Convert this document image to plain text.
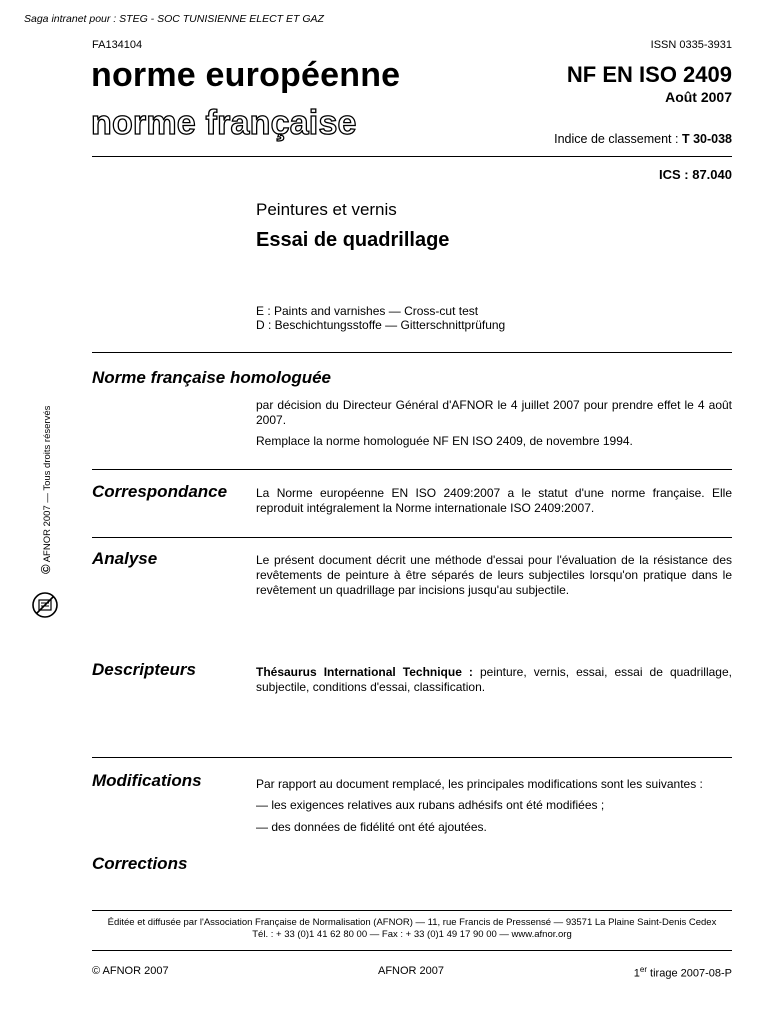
Saga intranet pour : STEG - SOC TUNISIENNE ELECT ET GAZ
FA134104	ISSN 0335-3931
norme européenne
norme française
NF EN ISO 2409
Août 2007
Indice de classement : T 30-038
ICS : 87.040
Peintures et vernis
Essai de quadrillage
E : Paints and varnishes — Cross-cut test
D : Beschichtungsstoffe — Gitterschnittprüfung
© AFNOR 2007 — Tous droits réservés
Norme française homologuée

par décision du Directeur Général d'AFNOR le 4 juillet 2007 pour prendre effet le 4 août 2007.

Remplace la norme homologuée NF EN ISO 2409, de novembre 1994.

Correspondance La Norme européenne EN ISO 2409:2007 a le statut d'une norme française. Elle reproduit intégralement la Norme internationale ISO 2409:2007.
Analyse	Le présent document décrit une méthode d'essai pour l'évaluation de la résistance des revêtements de peinture à être séparés de leurs subjectiles lorsqu'on pratique dans le revêtement un quadrillage par incisions jusqu'au subjectile.
Descripteurs	Thésaurus International Technique : peinture, vernis, essai, essai de quadrillage, subjectile, conditions d'essai, classification.
Modifications	Par rapport au document remplacé, les principales modifications sont les suivantes :
— les exigences relatives aux rubans adhésifs ont été modifiées ;
— des données de fidélité ont été ajoutées.
Corrections
Éditée et diffusée par l'Association Française de Normalisation (AFNOR) — 11, rue Francis de Pressensé — 93571 La Plaine Saint-Denis Cedex
Tél. : + 33 (0)1 41 62 80 00 — Fax : + 33 (0)1 49 17 90 00 — www.afnor.org
© AFNOR 2007	AFNOR 2007	1er tirage 2007-08-P
